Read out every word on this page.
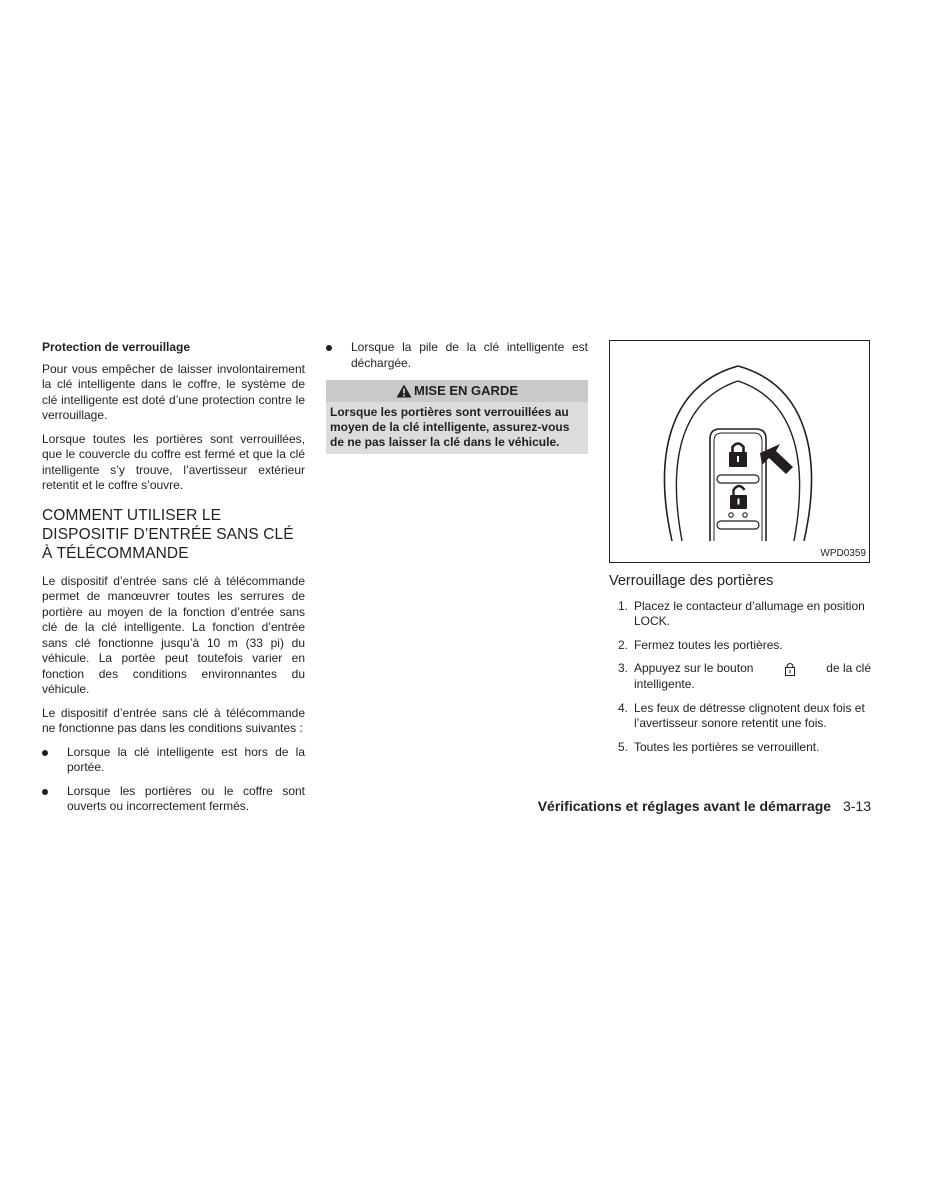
Protection de verrouillage

Pour vous empêcher de laisser involontairement la clé intelligente dans le coffre, le système de clé intelligente est doté d’une protection contre le verrouillage.

Lorsque toutes les portières sont verrouillées, que le couvercle du coffre est fermé et que la clé intelligente s’y trouve, l’avertisseur extérieur retentit et le coffre s’ouvre.

COMMENT UTILISER LE DISPOSITIF D’ENTRÉE SANS CLÉ À TÉLÉCOMMANDE

Le dispositif d’entrée sans clé à télécommande permet de manœuvrer toutes les serrures de portière au moyen de la fonction d’entrée sans clé de la clé intelligente. La fonction d’entrée sans clé fonctionne jusqu’à 10 m (33 pi) du véhicule. La portée peut toutefois varier en fonction des conditions environnantes du véhicule.

Le dispositif d’entrée sans clé à télécommande ne fonctionne pas dans les conditions suivantes :

Lorsque la clé intelligente est hors de la portée.
Lorsque les portières ou le coffre sont ouverts ou incorrectement fermés.
Lorsque la pile de la clé intelligente est déchargée.
MISE EN GARDE
Lorsque les portières sont verrouillées au moyen de la clé intelligente, assurez-vous de ne pas laisser la clé dans le véhicule.
WPD0359
Verrouillage des portières
1. Placez le contacteur d’allumage en position LOCK.
2. Fermez toutes les portières.
3. Appuyez sur le bouton	de la clé
intelligente.
4. Les feux de détresse clignotent deux fois et l’avertisseur sonore retentit une fois.
5. Toutes les portières se verrouillent.
Vérifications et réglages avant le démarrage 3-13
